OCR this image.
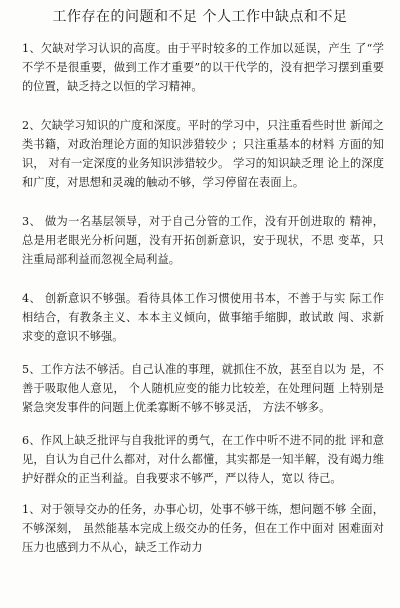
工作存在的问题和不足 个人工作中缺点和不足
1、欠缺对学习认识的高度。由于平时较多的工作加以延误，产生 了“学不学不是很重要，做到工作才重要”的以干代学的，没有把学习摆到重要的位置，缺乏持之以恒的学习精神。
2、欠缺学习知识的广度和深度。平时的学习中，只注重看些时世 新闻之类书籍，对政治理论方面的知识涉猎较少 ；只注重基本的材料 方面的知识， 对有一定深度的业务知识涉猎较少。 学习的知识缺乏理 论上的深度和广度，对思想和灵魂的触动不够，学习停留在表面上。
3、 做为一名基层领导，对于自己分管的工作，没有开创进取的 精神，总是用老眼光分析问题，没有开拓创新意识，安于现状，不思 变革，只注重局部利益而忽视全局利益。
4、 创新意识不够强。看待具体工作习惯使用书本，不善于与实 际工作相结合，有教条主义、本本主义倾向，做事缩手缩脚，敢试敢 闯、求新求变的意识不够强。
5、工作方法不够活。自己认准的事理，就抓住不放，甚至自以为 是，不善于吸取他人意见， 个人随机应变的能力比较差，在处理问题 上特别是紧急突发事件的问题上优柔寡断不够不够灵活， 方法不够多。
6、作风上缺乏批评与自我批评的勇气，在工作中听不进不同的批 评和意见，自认为自己什么都对，对什么都懂，其实都是一知半解，没有竭力维护好群众的正当利益。自我要求不够严，严以待人，宽以 待己。
1、对于领导交办的任务，办事心切，处事不够干练，想问题不够 全面，不够深刻， 虽然能基本完成上级交办的任务，但在工作中面对 困难面对压力也感到力不从心，缺乏工作动力
